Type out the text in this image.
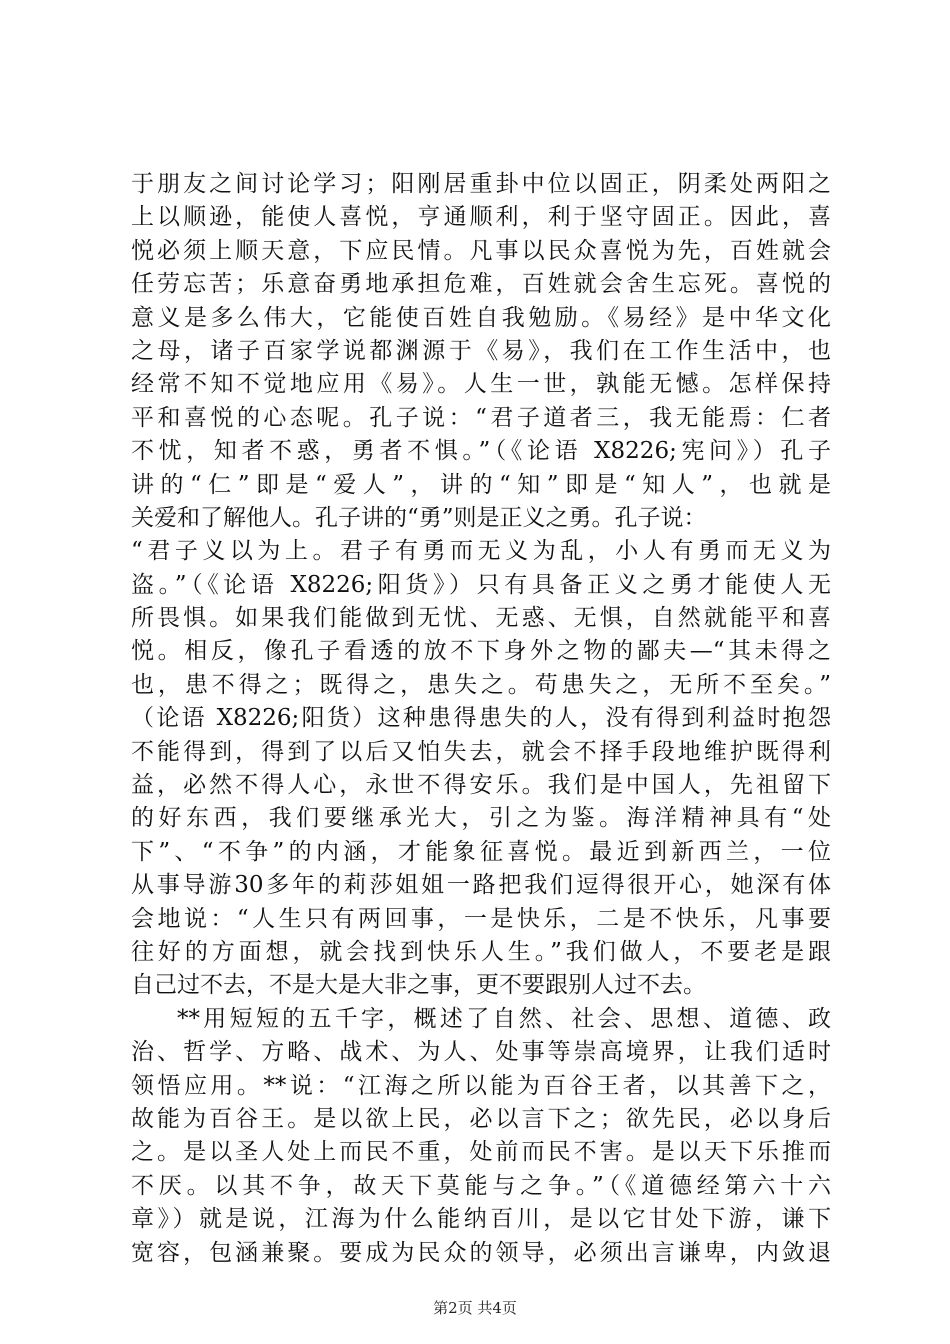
于朋友之间讨论学习；阳刚居重卦中位以固正，阴柔处两阳之
上以顺逊，能使人喜悦，亨通顺利，利于坚守固正。因此，喜
悦必须上顺天意，下应民情。凡事以民众喜悦为先，百姓就会
任劳忘苦；乐意奋勇地承担危难，百姓就会舍生忘死。喜悦的
意义是多么伟大，它能使百姓自我勉励。《易经》是中华文化
之母，诸子百家学说都渊源于《易》，我们在工作生活中，也
经常不知不觉地应用《易》。人生一世，孰能无憾。怎样保持
平和喜悦的心态呢。孔子说：“君子道者三，我无能焉：仁者
不忧，知者不惑，勇者不惧。”（《论语 X8226;宪问》）孔子
讲的“仁”即是“爱人”，讲的“知”即是“知人”，也就是
关爱和了解他人。孔子讲的“勇”则是正义之勇。孔子说：
“君子义以为上。君子有勇而无义为乱，小人有勇而无义为
盗。”（《论语 X8226;阳货》）只有具备正义之勇才能使人无
所畏惧。如果我们能做到无忧、无惑、无惧，自然就能平和喜
悦。相反，像孔子看透的放不下身外之物的鄙夫—“其未得之
也，患不得之；既得之，患失之。苟患失之，无所不至矣。”
（论语 X8226;阳货）这种患得患失的人，没有得到利益时抱怨
不能得到，得到了以后又怕失去，就会不择手段地维护既得利
益，必然不得人心，永世不得安乐。我们是中国人，先祖留下
的好东西，我们要继承光大，引之为鉴。海洋精神具有“处
下”、“不争”的内涵，才能象征喜悦。最近到新西兰，一位
从事导游30多年的莉莎姐姐一路把我们逗得很开心，她深有体
会地说：“人生只有两回事，一是快乐，二是不快乐，凡事要
往好的方面想，就会找到快乐人生。”我们做人，不要老是跟
自己过不去，不是大是大非之事，更不要跟别人过不去。
**用短短的五千字，概述了自然、社会、思想、道德、政
治、哲学、方略、战术、为人、处事等崇高境界，让我们适时
领悟应用。**说：“江海之所以能为百谷王者，以其善下之，
故能为百谷王。是以欲上民，必以言下之；欲先民，必以身后
之。是以圣人处上而民不重，处前而民不害。是以天下乐推而
不厌。以其不争，故天下莫能与之争。”（《道德经第六十六
章》）就是说，江海为什么能纳百川，是以它甘处下游，谦下
宽容，包涵兼聚。要成为民众的领导，必须出言谦卑，内敛退
第2页 共4页
